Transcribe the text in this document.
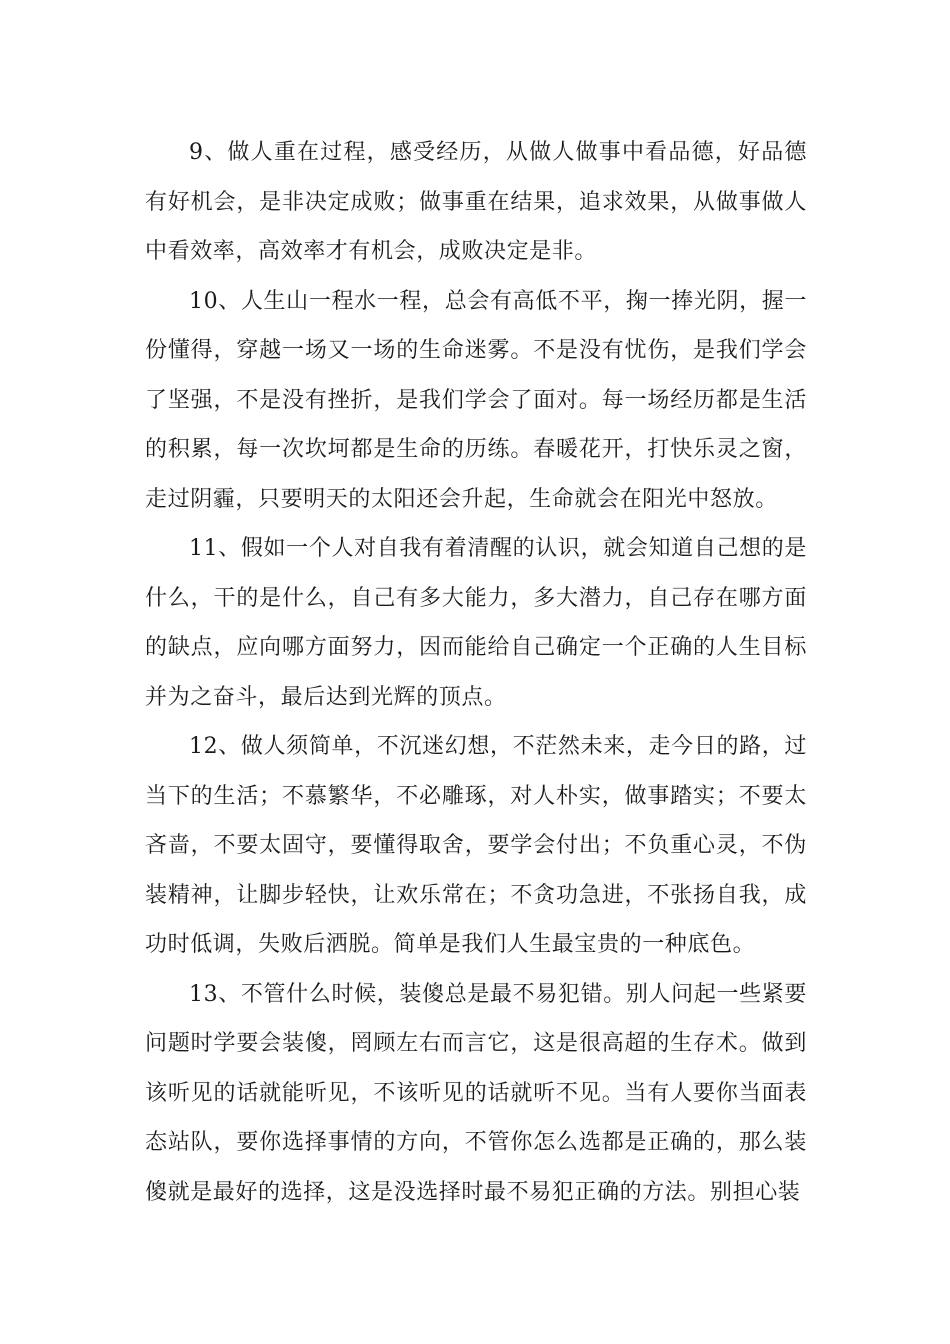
9、做人重在过程，感受经历，从做人做事中看品德，好品德有好机会，是非决定成败；做事重在结果，追求效果，从做事做人中看效率，高效率才有机会，成败决定是非。

10、人生山一程水一程，总会有高低不平，掬一捧光阴，握一份懂得，穿越一场又一场的生命迷雾。不是没有忧伤，是我们学会了坚强，不是没有挫折，是我们学会了面对。每一场经历都是生活的积累，每一次坎坷都是生命的历练。春暖花开，打快乐灵之窗，走过阴霾，只要明天的太阳还会升起，生命就会在阳光中怒放。

11、假如一个人对自我有着清醒的认识，就会知道自己想的是什么，干的是什么，自己有多大能力，多大潜力，自己存在哪方面的缺点，应向哪方面努力，因而能给自己确定一个正确的人生目标并为之奋斗，最后达到光辉的顶点。

12、做人须简单，不沉迷幻想，不茫然未来，走今日的路，过当下的生活；不慕繁华，不必雕琢，对人朴实，做事踏实；不要太吝啬，不要太固守，要懂得取舍，要学会付出；不负重心灵，不伪装精神，让脚步轻快，让欢乐常在；不贪功急进，不张扬自我，成功时低调，失败后洒脱。简单是我们人生最宝贵的一种底色。

13、不管什么时候，装傻总是最不易犯错。别人问起一些紧要问题时学要会装傻，罔顾左右而言它，这是很高超的生存术。做到该听见的话就能听见，不该听见的话就听不见。当有人要你当面表态站队，要你选择事情的方向，不管你怎么选都是正确的，那么装傻就是最好的选择，这是没选择时最不易犯正确的方法。别担心装
